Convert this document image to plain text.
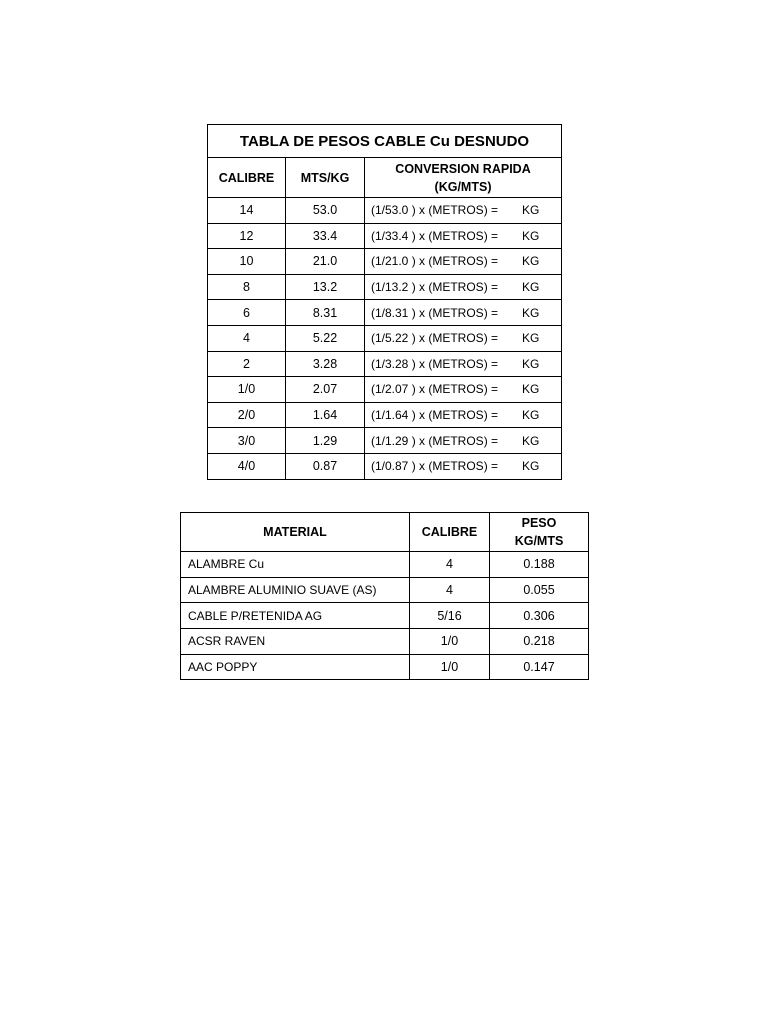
TABLA DE PESOS CABLE Cu DESNUDO		
CALIBRE	MTS/KG	CONVERSION RAPIDA
(KG/MTS)
14	53.0	(1/53.0 ) x (METROS) = KG
12	33.4	(1/33.4 ) x (METROS) = KG
10	21.0	(1/21.0 ) x (METROS) = KG
8	13.2	(1/13.2 ) x (METROS) = KG
6	8.31	(1/8.31 ) x (METROS) = KG
4	5.22	(1/5.22 ) x (METROS) = KG
2	3.28	(1/3.28 ) x (METROS) = KG
1/0	2.07	(1/2.07 ) x (METROS) = KG
2/0	1.64	(1/1.64 ) x (METROS) = KG
3/0	1.29	(1/1.29 ) x (METROS) = KG
4/0	0.87	(1/0.87 ) x (METROS) = KG
MATERIAL	CALIBRE	PESO
KG/MTS
ALAMBRE Cu	4	0.188
ALAMBRE ALUMINIO SUAVE (AS)	4	0.055
CABLE P/RETENIDA AG	5/16	0.306
ACSR RAVEN	1/0	0.218
AAC POPPY	1/0	0.147
